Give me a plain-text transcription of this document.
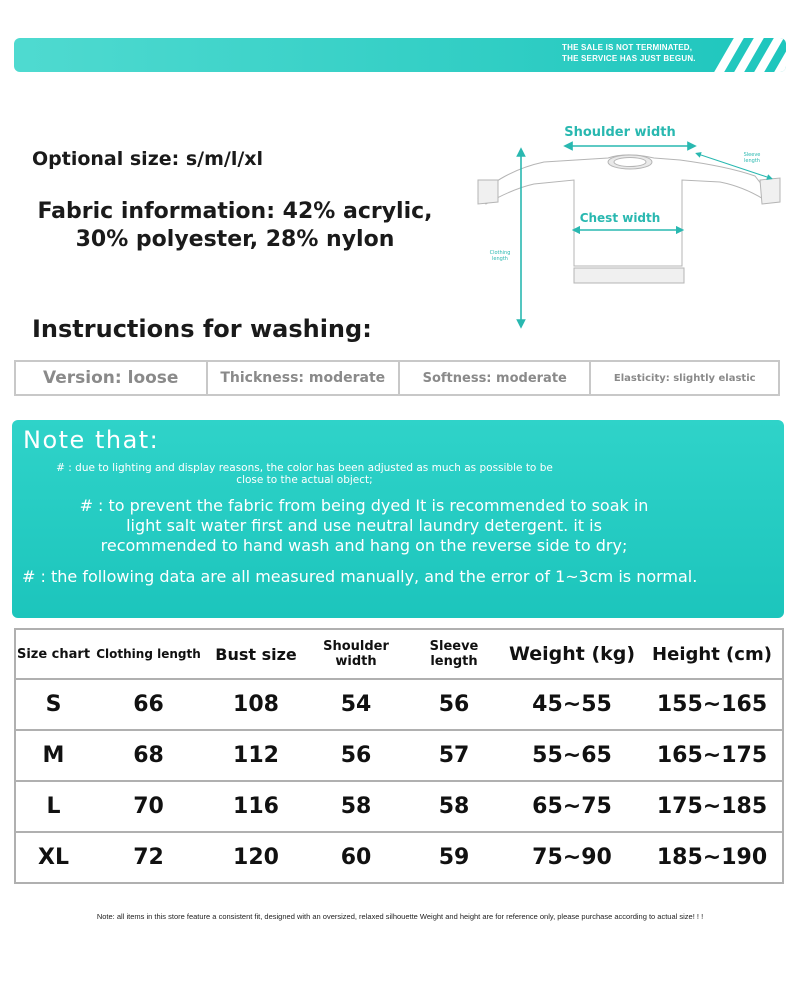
THE SALE IS NOT TERMINATED,
THE SERVICE HAS JUST BEGUN.
Optional size: s/m/l/xl
Fabric information: 42% acrylic,
30% polyester, 28% nylon
Instructions for washing:
Shoulder width
Chest width
Clothing length
Sleeve length
Version: loose	Thickness: moderate	Softness: moderate	Elasticity: slightly elastic
Note that:
# : due to lighting and display reasons, the color has been adjusted as much as possible to be
close to the actual object;
# : to prevent the fabric from being dyed It is recommended to soak in
light salt water first and use neutral laundry detergent. it is
recommended to hand wash and hang on the reverse side to dry;
# : the following data are all measured manually, and the error of 1~3cm is normal.
Size chart	Clothing length	Bust size	Shoulder width	Sleeve length	Weight (kg)	Height (cm)
S	66	108	54	56	45~55	155~165
M	68	112	56	57	55~65	165~175
L	70	116	58	58	65~75	175~185
XL	72	120	60	59	75~90	185~190
Note: all items in this store feature a consistent fit, designed with an oversized, relaxed silhouette Weight and height are for reference only, please purchase according to actual size! ! !
